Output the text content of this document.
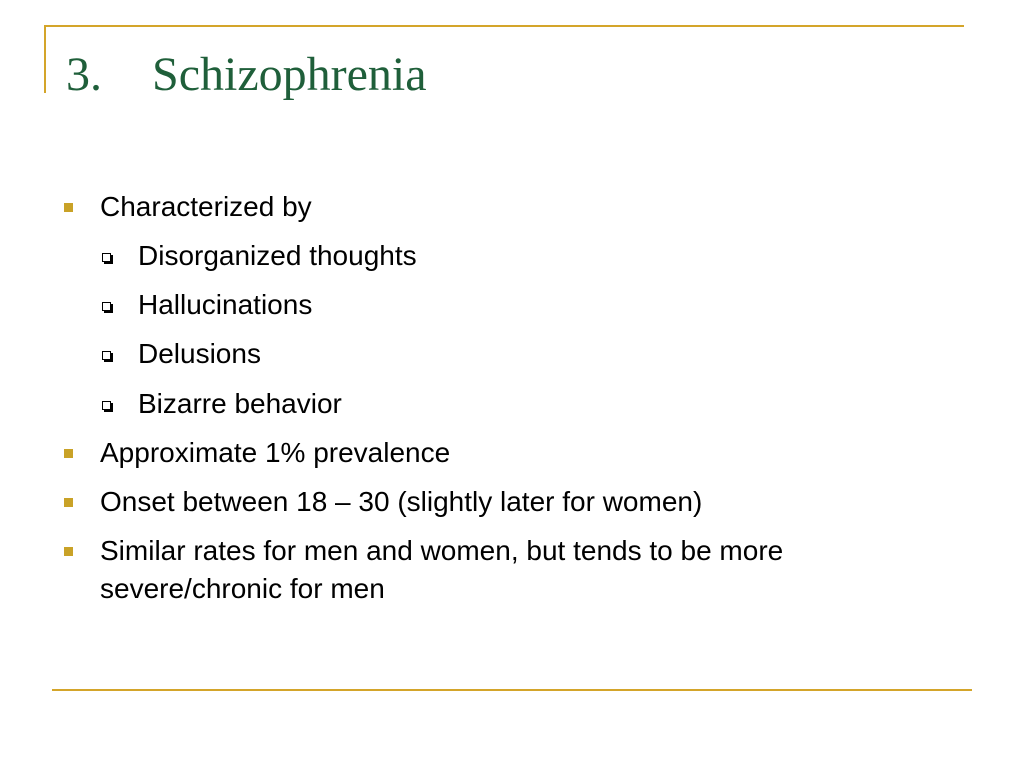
3. Schizophrenia
Characterized by
Disorganized thoughts
Hallucinations
Delusions
Bizarre behavior
Approximate 1% prevalence
Onset between 18 – 30 (slightly later for women)
Similar rates for men and women, but tends to be more severe/chronic for men
